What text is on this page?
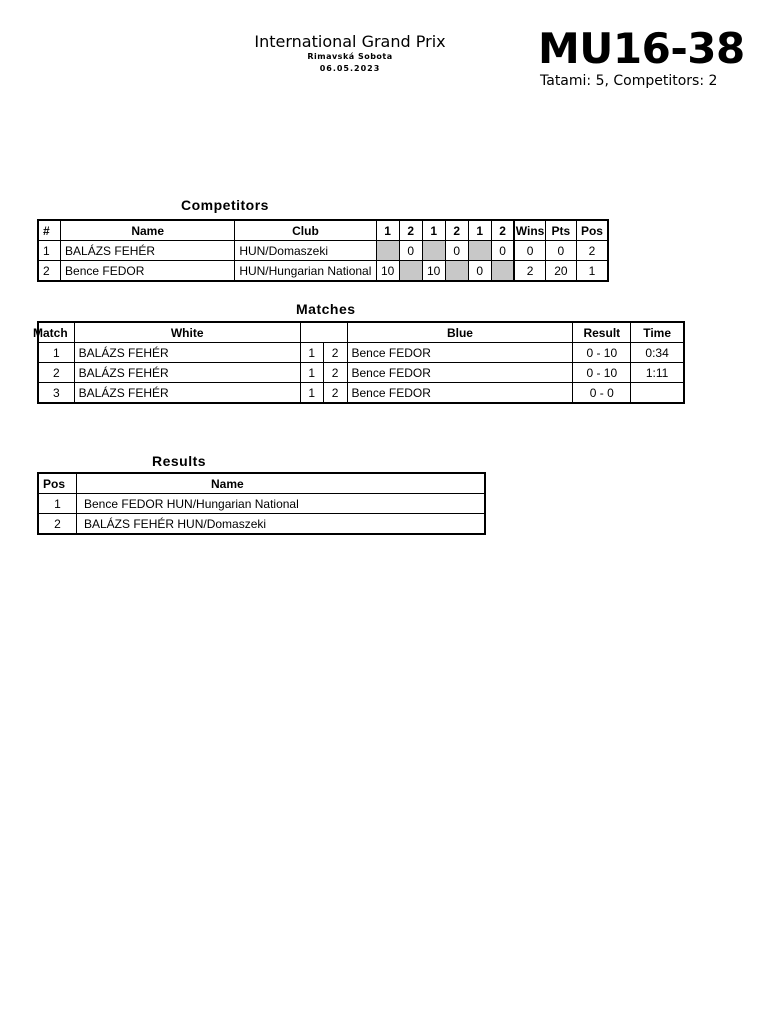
International Grand Prix
Rimavská Sobota
06.05.2023	MU16-38
Tatami: 5, Competitors: 2
Competitors
#	Name	Club	1	2	1	2	1	2	Wins	Pts	Pos
1	BALÁZS FEHÉR	HUN/Domaszeki		0		0		0	0	0	2
2	Bence FEDOR	HUN/Hungarian National	10		10		0		2	20	1
Matches
Match	White			Blue	Result	Time
1	BALÁZS FEHÉR	1	2	Bence FEDOR	0 - 10	0:34
2	BALÁZS FEHÉR	1	2	Bence FEDOR	0 - 10	1:11
3	BALÁZS FEHÉR	1	2	Bence FEDOR	0 - 0	
Results
Pos	Name
1	Bence FEDOR HUN/Hungarian National
2	BALÁZS FEHÉR HUN/Domaszeki
